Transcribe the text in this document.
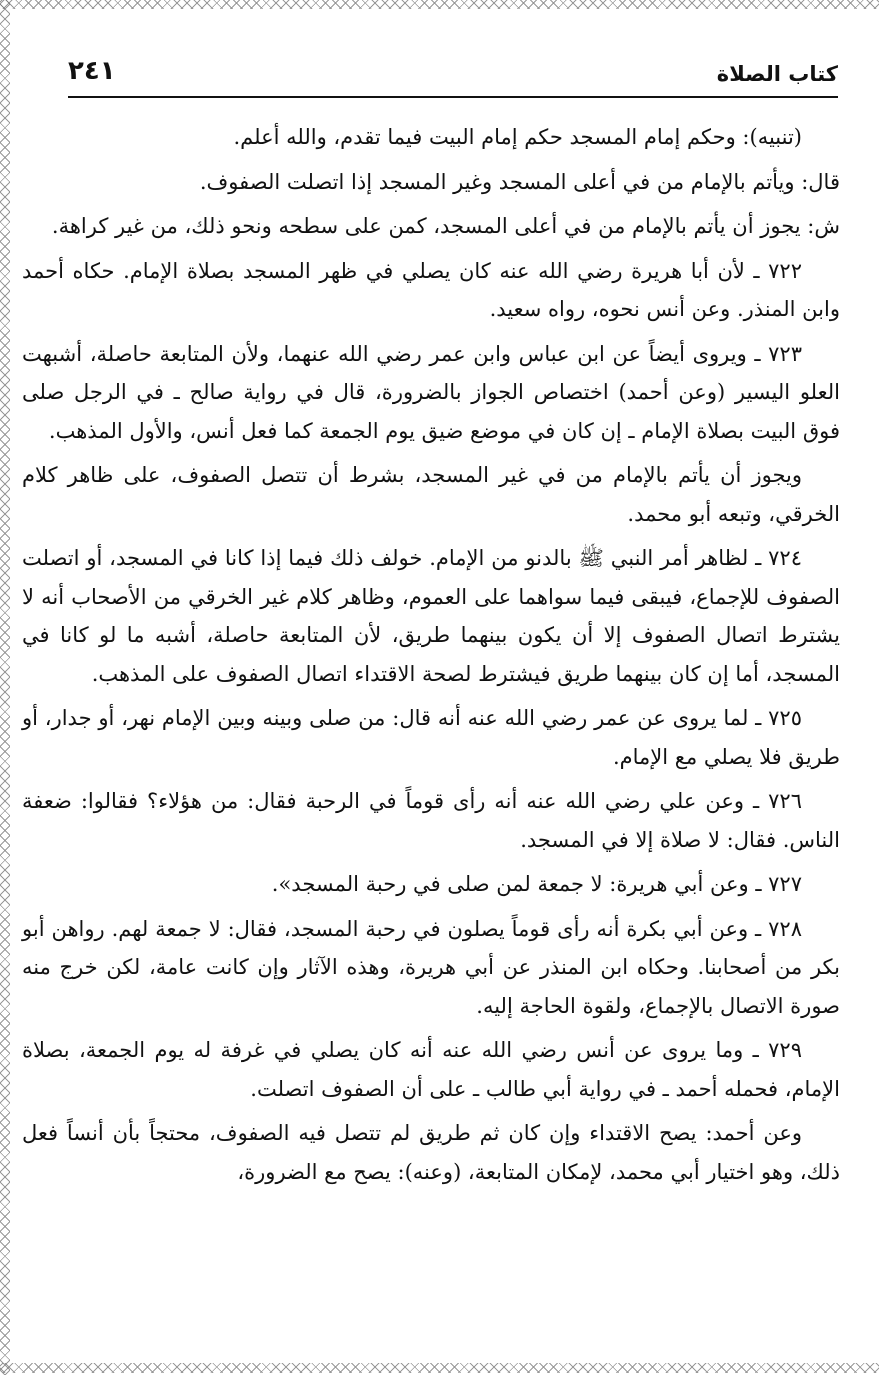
٢٤١	كتاب الصلاة

(تنبيه): وحكم إمام المسجد حكم إمام البيت فيما تقدم، والله أعلم.

قال: ويأتم بالإمام من في أعلى المسجد وغير المسجد إذا اتصلت الصفوف.

ش: يجوز أن يأتم بالإمام من في أعلى المسجد، كمن على سطحه ونحو ذلك، من غير كراهة.

٧٢٢ ـ لأن أبا هريرة رضي الله عنه كان يصلي في ظهر المسجد بصلاة الإمام. حكاه أحمد وابن المنذر. وعن أنس نحوه، رواه سعيد.

٧٢٣ ـ ويروى أيضاً عن ابن عباس وابن عمر رضي الله عنهما، ولأن المتابعة حاصلة، أشبهت العلو اليسير (وعن أحمد) اختصاص الجواز بالضرورة، قال في رواية صالح ـ في الرجل صلى فوق البيت بصلاة الإمام ـ إن كان في موضع ضيق يوم الجمعة كما فعل أنس، والأول المذهب.

ويجوز أن يأتم بالإمام من في غير المسجد، بشرط أن تتصل الصفوف، على ظاهر كلام الخرقي، وتبعه أبو محمد.

٧٢٤ ـ لظاهر أمر النبي ﷺ بالدنو من الإمام. خولف ذلك فيما إذا كانا في المسجد، أو اتصلت الصفوف للإجماع، فيبقى فيما سواهما على العموم، وظاهر كلام غير الخرقي من الأصحاب أنه لا يشترط اتصال الصفوف إلا أن يكون بينهما طريق، لأن المتابعة حاصلة، أشبه ما لو كانا في المسجد، أما إن كان بينهما طريق فيشترط لصحة الاقتداء اتصال الصفوف على المذهب.

٧٢٥ ـ لما يروى عن عمر رضي الله عنه أنه قال: من صلى وبينه وبين الإمام نهر، أو جدار، أو طريق فلا يصلي مع الإمام.

٧٢٦ ـ وعن علي رضي الله عنه أنه رأى قوماً في الرحبة فقال: من هؤلاء؟ فقالوا: ضعفة الناس. فقال: لا صلاة إلا في المسجد.

٧٢٧ ـ وعن أبي هريرة: لا جمعة لمن صلى في رحبة المسجد».

٧٢٨ ـ وعن أبي بكرة أنه رأى قوماً يصلون في رحبة المسجد، فقال: لا جمعة لهم. رواهن أبو بكر من أصحابنا. وحكاه ابن المنذر عن أبي هريرة، وهذه الآثار وإن كانت عامة، لكن خرج منه صورة الاتصال بالإجماع، ولقوة الحاجة إليه.

٧٢٩ ـ وما يروى عن أنس رضي الله عنه أنه كان يصلي في غرفة له يوم الجمعة، بصلاة الإمام، فحمله أحمد ـ في رواية أبي طالب ـ على أن الصفوف اتصلت.

وعن أحمد: يصح الاقتداء وإن كان ثم طريق لم تتصل فيه الصفوف، محتجاً بأن أنساً فعل ذلك، وهو اختيار أبي محمد، لإمكان المتابعة، (وعنه): يصح مع الضرورة،
